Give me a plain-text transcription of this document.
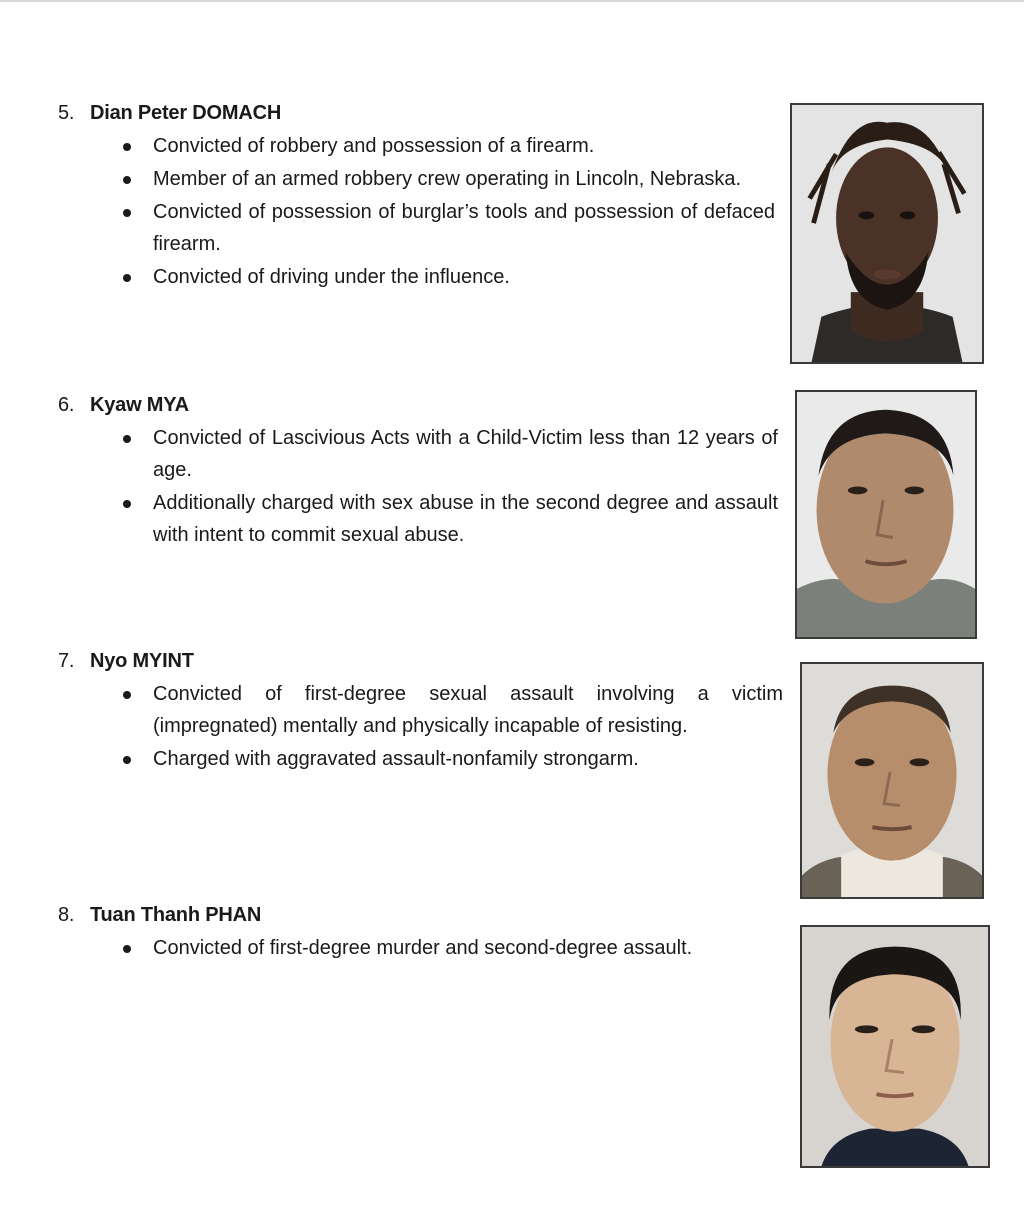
5. Dian Peter DOMACH
Convicted of robbery and possession of a firearm.
Member of an armed robbery crew operating in Lincoln, Nebraska.
Convicted of possession of burglar’s tools and possession of defaced firearm.
Convicted of driving under the influence.
6. Kyaw MYA
Convicted of Lascivious Acts with a Child-Victim less than 12 years of age.
Additionally charged with sex abuse in the second degree and assault with intent to commit sexual abuse.
7. Nyo MYINT
Convicted of first-degree sexual assault involving a victim (impregnated) mentally and physically incapable of resisting.
Charged with aggravated assault-nonfamily strongarm.
8. Tuan Thanh PHAN
Convicted of first-degree murder and second-degree assault.
